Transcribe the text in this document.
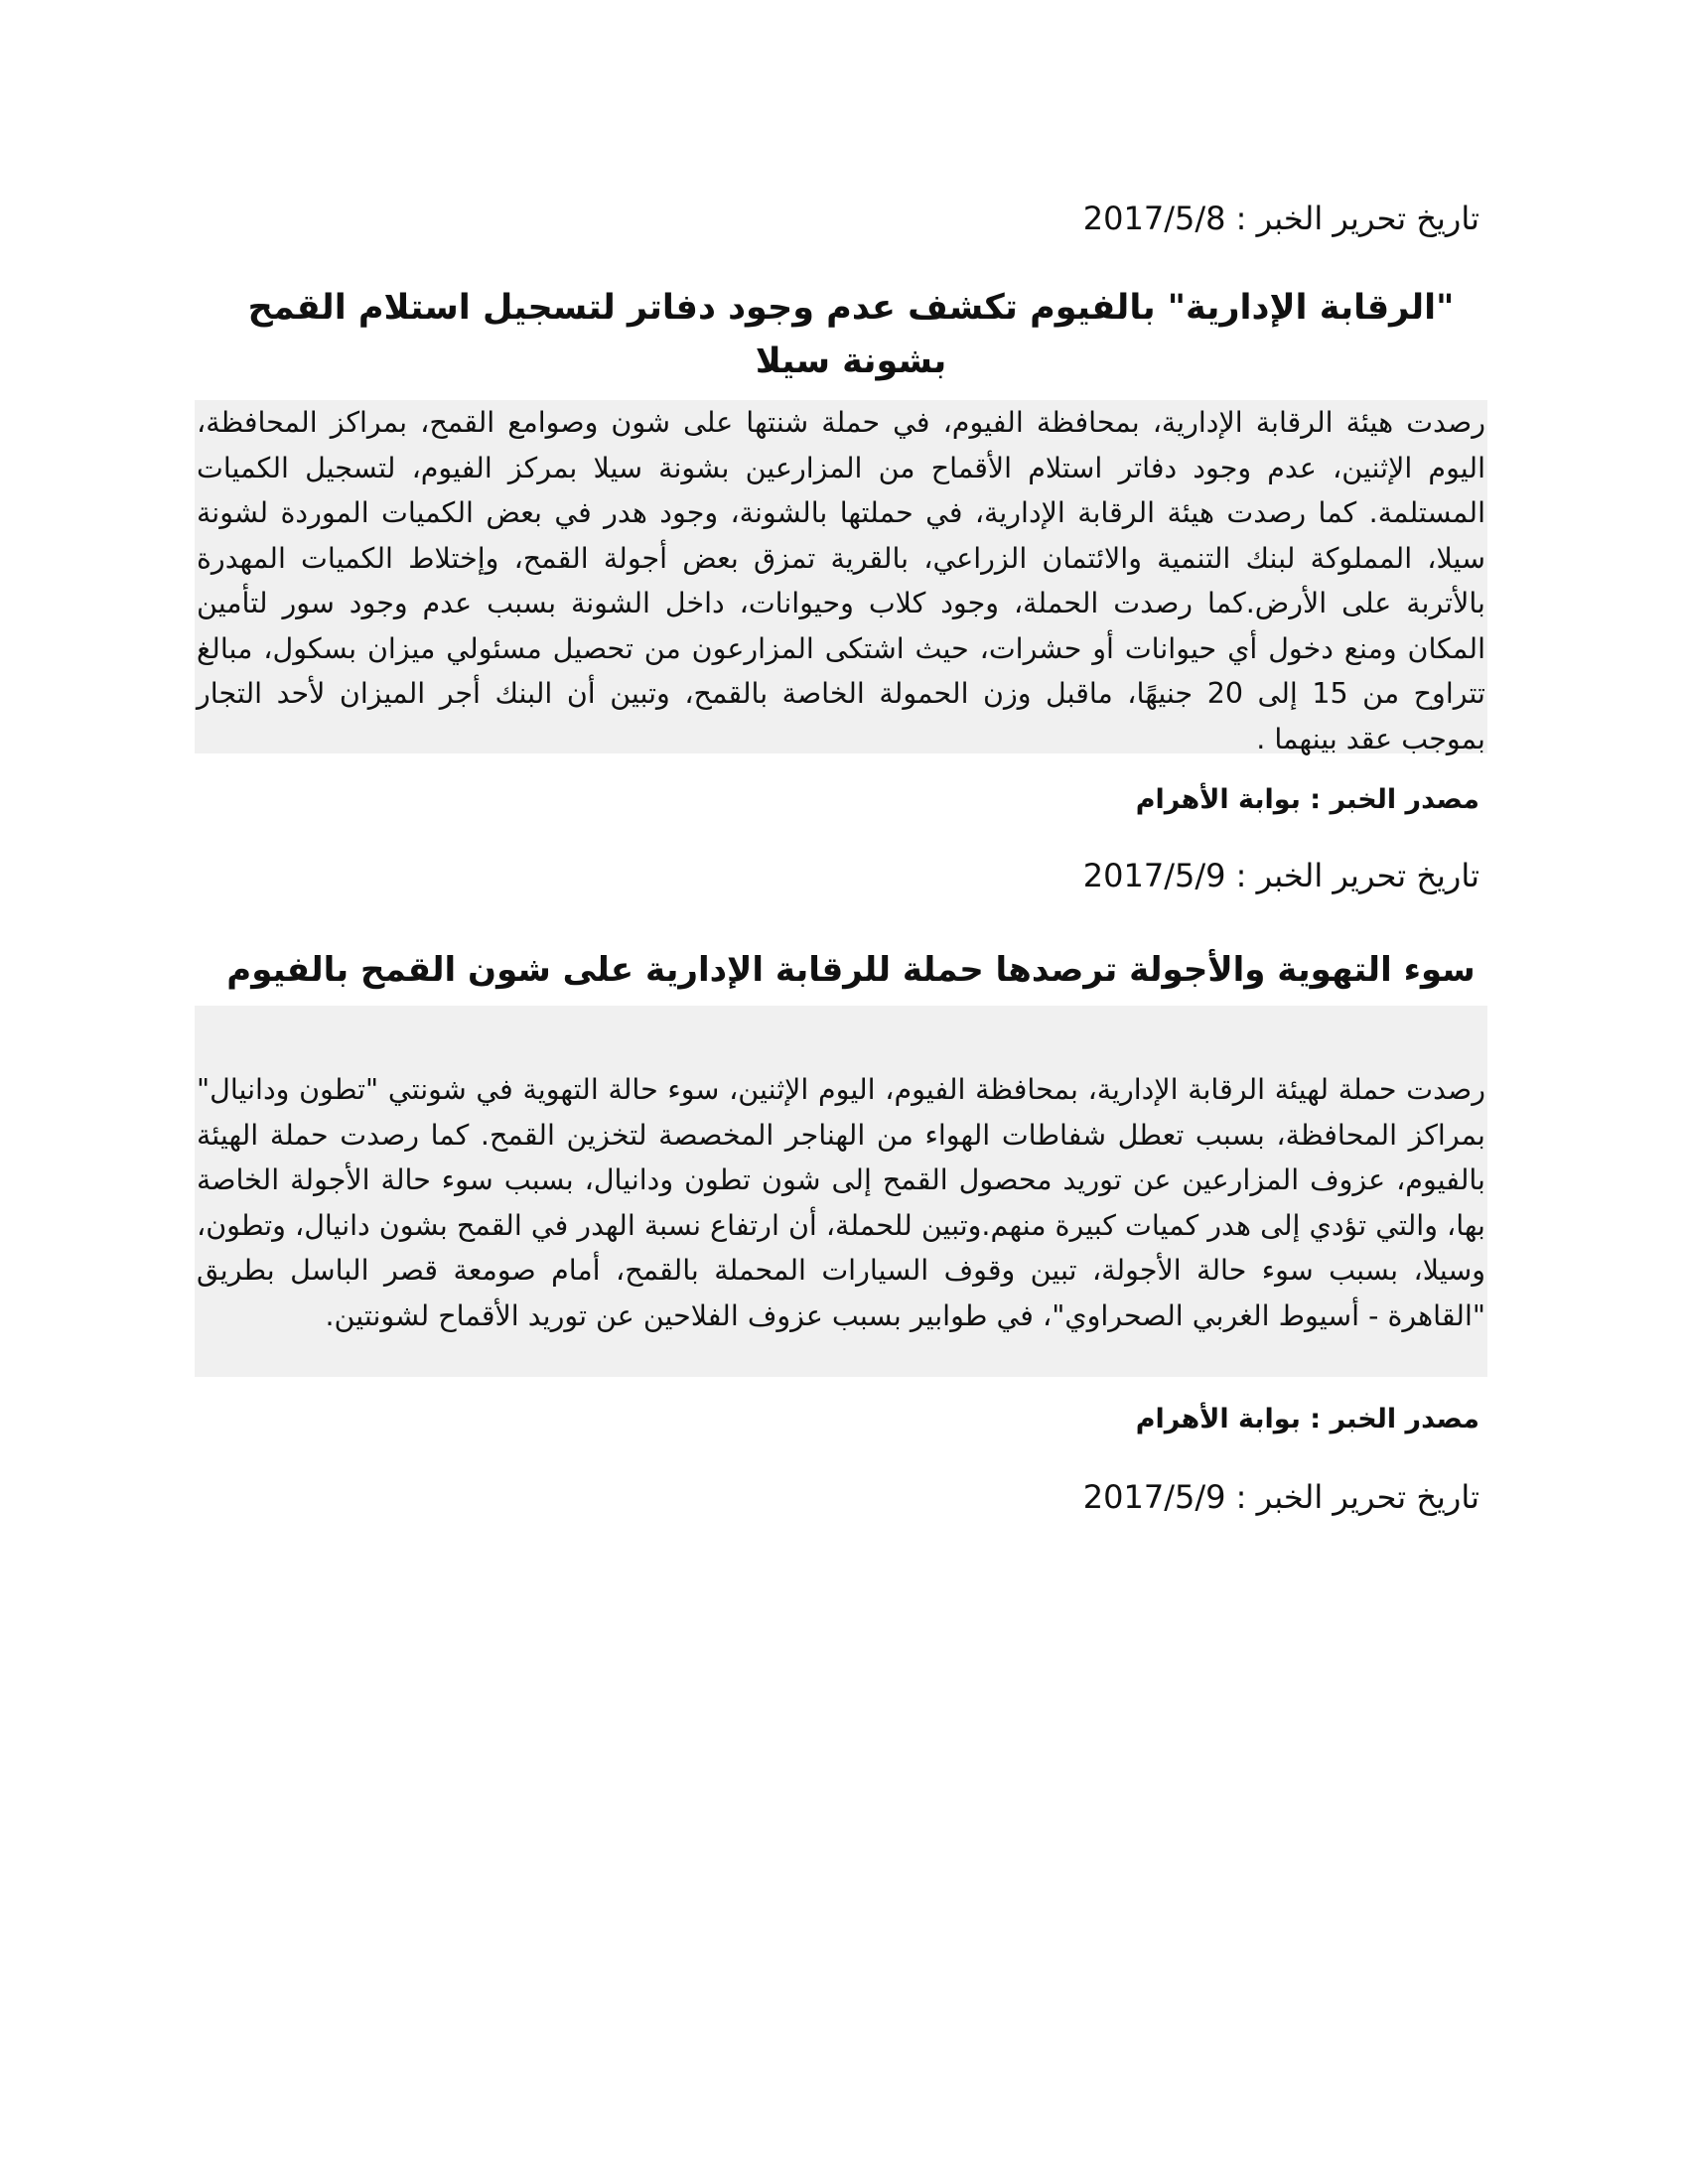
تاريخ تحرير الخبر : 2017/5/8
"الرقابة الإدارية" بالفيوم تكشف عدم وجود دفاتر لتسجيل استلام القمح بشونة سيلا

رصدت هيئة الرقابة الإدارية، بمحافظة الفيوم، في حملة شنتها على شون وصوامع القمح، بمراكز المحافظة، اليوم الإثنين، عدم وجود دفاتر استلام الأقماح من المزارعين بشونة سيلا بمركز الفيوم، لتسجيل الكميات المستلمة. كما رصدت هيئة الرقابة الإدارية، في حملتها بالشونة، وجود هدر في بعض الكميات الموردة لشونة سيلا، المملوكة لبنك التنمية والائتمان الزراعي، بالقرية تمزق بعض أجولة القمح، وإختلاط الكميات المهدرة بالأتربة على الأرض.كما رصدت الحملة، وجود كلاب وحيوانات، داخل الشونة بسبب عدم وجود سور لتأمين المكان ومنع دخول أي حيوانات أو حشرات، حيث اشتكى المزارعون من تحصيل مسئولي ميزان بسكول، مبالغ تتراوح من 15 إلى 20 جنيهًا، ماقبل وزن الحمولة الخاصة بالقمح، وتبين أن البنك أجر الميزان لأحد التجار بموجب عقد بينهما .

مصدر الخبر : بوابة الأهرام
تاريخ تحرير الخبر : 2017/5/9
سوء التهوية والأجولة ترصدها حملة للرقابة الإدارية على شون القمح بالفيوم

رصدت حملة لهيئة الرقابة الإدارية، بمحافظة الفيوم، اليوم الإثنين، سوء حالة التهوية في شونتي "تطون ودانيال" بمراكز المحافظة، بسبب تعطل شفاطات الهواء من الهناجر المخصصة لتخزين القمح. كما رصدت حملة الهيئة بالفيوم، عزوف المزارعين عن توريد محصول القمح إلى شون تطون ودانيال، بسبب سوء حالة الأجولة الخاصة بها، والتي تؤدي إلى هدر كميات كبيرة منهم.وتبين للحملة، أن ارتفاع نسبة الهدر في القمح بشون دانيال، وتطون، وسيلا، بسبب سوء حالة الأجولة، تبين وقوف السيارات المحملة بالقمح، أمام صومعة قصر الباسل بطريق "القاهرة - أسيوط الغربي الصحراوي"، في طوابير بسبب عزوف الفلاحين عن توريد الأقماح لشونتين.

مصدر الخبر : بوابة الأهرام
تاريخ تحرير الخبر : 2017/5/9
